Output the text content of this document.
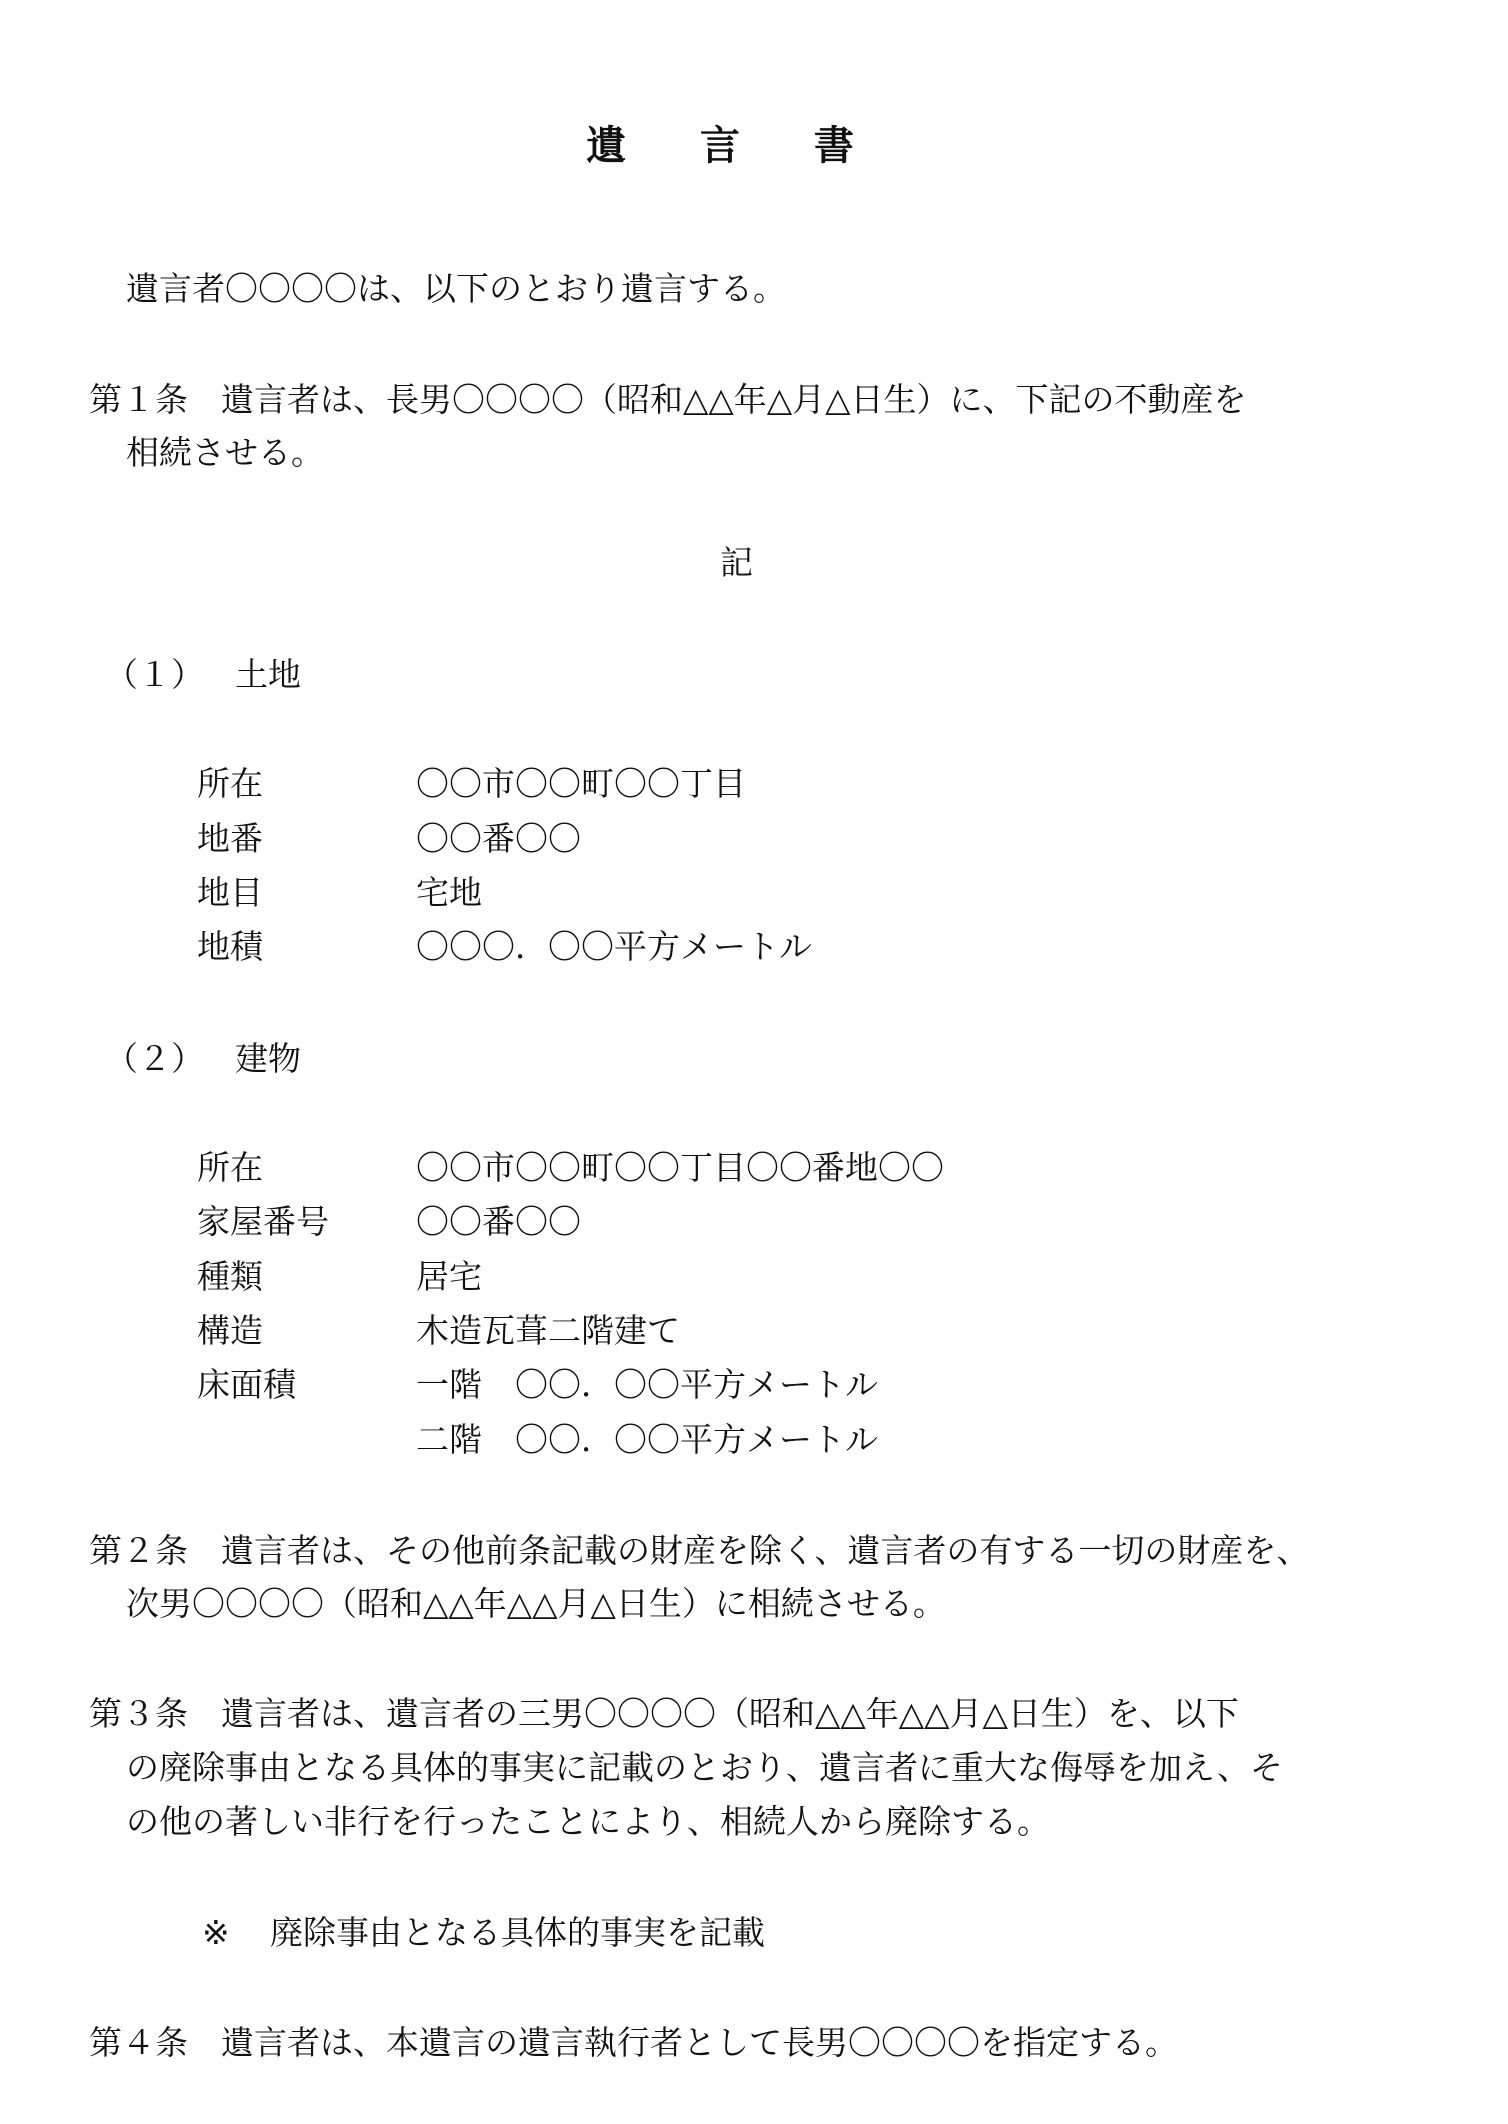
遺 言 書
遺言者〇〇〇〇は、以下のとおり遺言する。
第１条　遺言者は、長男〇〇〇〇（昭和△△年△月△日生）に、下記の不動産を
相続させる。
記
（１） 土地
所在	〇〇市〇〇町〇〇丁目
地番	〇〇番〇〇
地目	宅地
地積	〇〇〇．〇〇平方メートル
（２） 建物
所在	〇〇市〇〇町〇〇丁目〇〇番地〇〇
家屋番号	〇〇番〇〇
種類	居宅
構造	木造瓦葺二階建て
床面積	一階　〇〇．〇〇平方メートル
二階　〇〇．〇〇平方メートル
第２条　遺言者は、その他前条記載の財産を除く、遺言者の有する一切の財産を、
次男〇〇〇〇（昭和△△年△△月△日生）に相続させる。
第３条　遺言者は、遺言者の三男〇〇〇〇（昭和△△年△△月△日生）を、以下
の廃除事由となる具体的事実に記載のとおり、遺言者に重大な侮辱を加え、そ
の他の著しい非行を行ったことにより、相続人から廃除する。
※ 廃除事由となる具体的事実を記載
第４条　遺言者は、本遺言の遺言執行者として長男〇〇〇〇を指定する。
